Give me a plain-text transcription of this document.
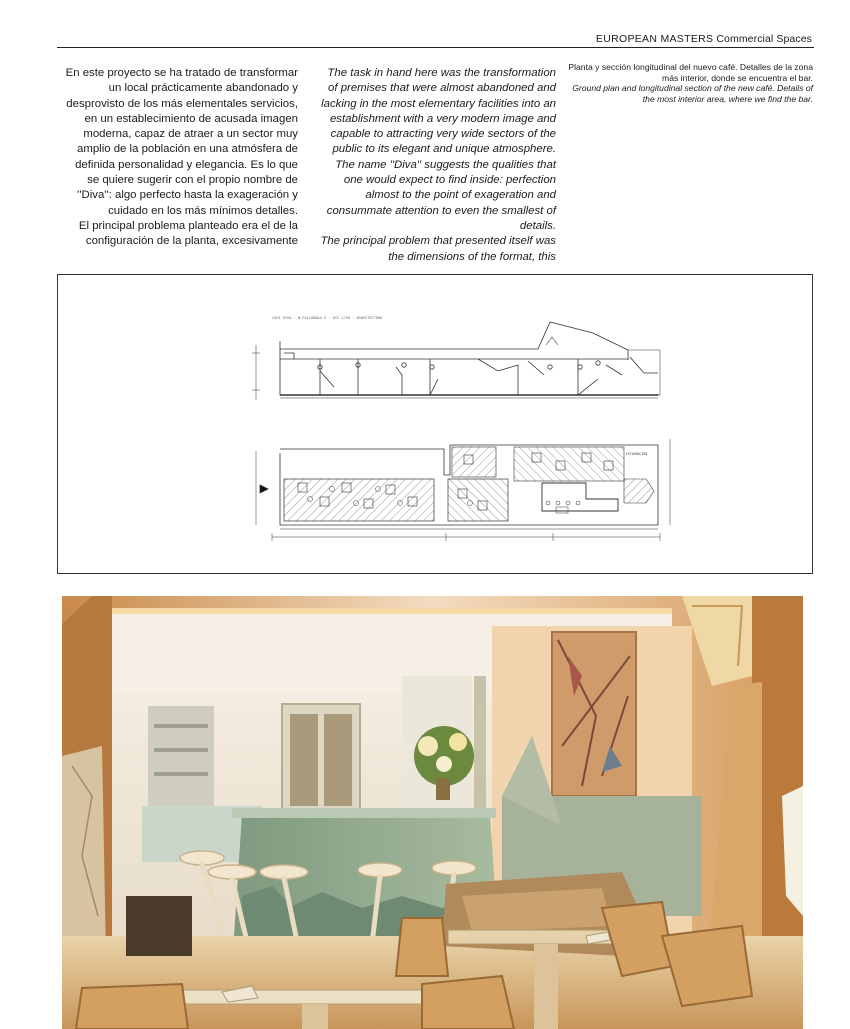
EUROPEAN MASTERS Commercial Spaces

En este proyecto se ha tratado de transformar un local prácticamente abandonado y desprovisto de los más elementales servicios, en un establecimiento de acusada imagen moderna, capaz de atraer a un sector muy amplio de la población en una atmósfera de definida personalidad y elegancia. Es lo que se quiere sugerir con el propio nombre de ''Diva'': algo perfecto hasta la exageración y cuidado en los más mínimos detalles.

El principal problema planteado era el de la configuración de la planta, excesivamente

The task in hand here was the transformation of premises that were almost abandoned and lacking in the most elementary facilities into an establishment with a very modern image and capable to attracting very wide sectors of the public to its elegant and unique atmosphere. The name ''Diva'' suggests the qualities that one would expect to find inside: perfection almost to the point of exageration and consummate attention to even the smallest of details.

The principal problem that presented itself was the dimensions of the format, this

Planta y sección longitudinal del nuevo café. Detalles de la zona más interior, donde se encuentra el bar.

Ground plan and longitudinal section of the new café. Details of the most interior area, where we find the bar.

CAFE DIVA · N.FOLLONADA 5 · ESC 1/50 · ARQUITECTURA
ESTAURACION
